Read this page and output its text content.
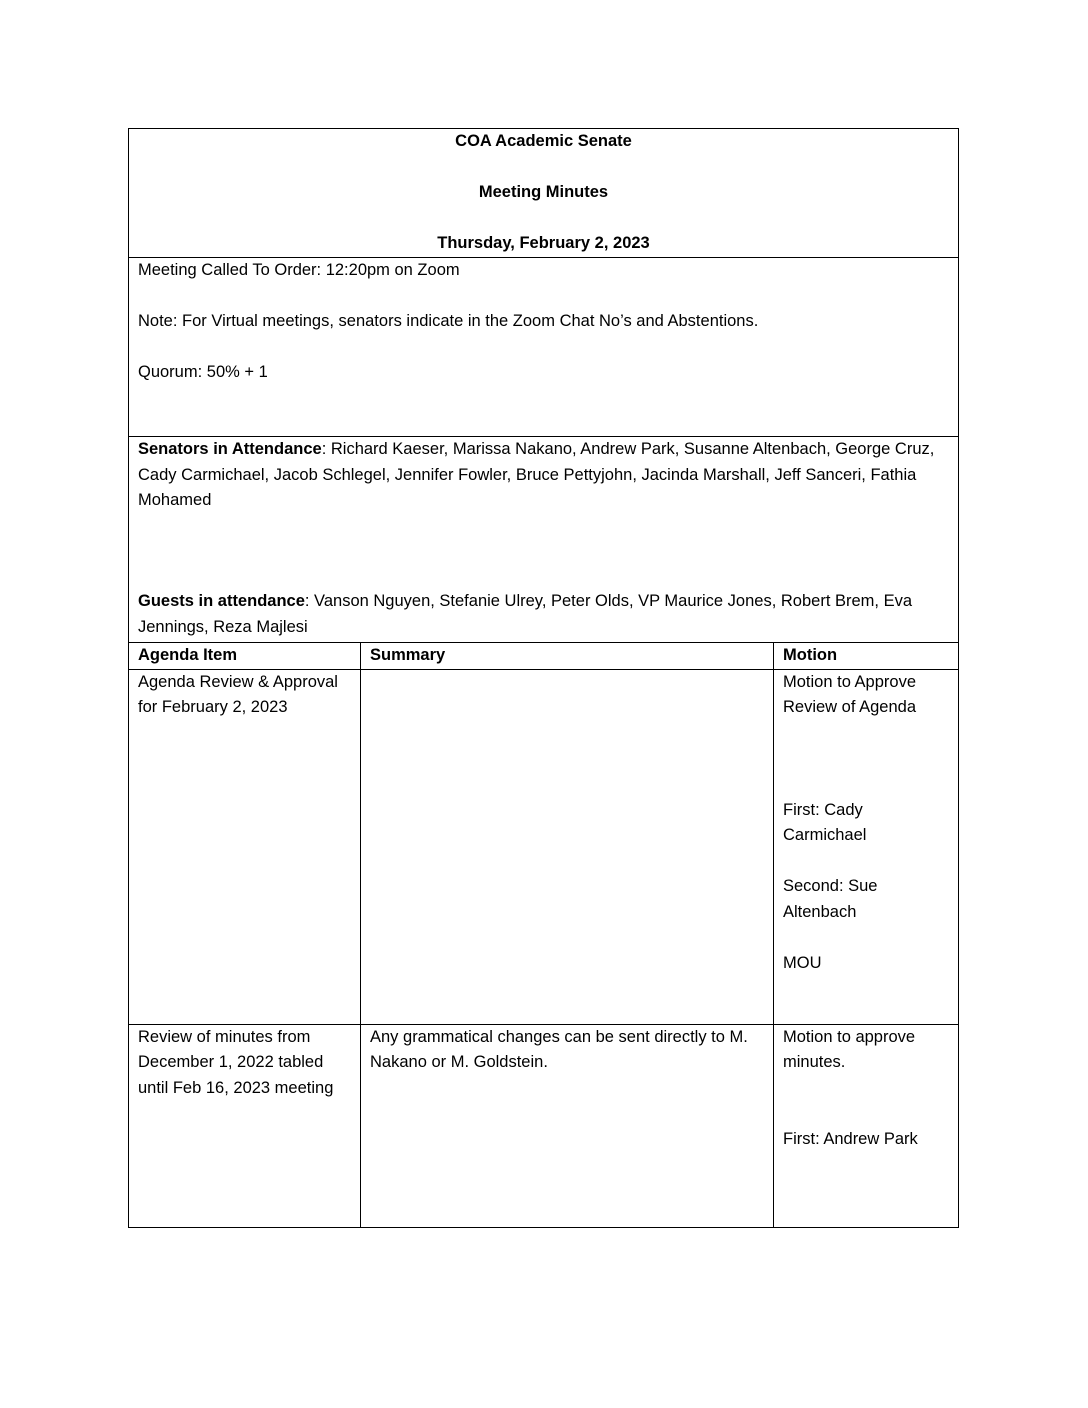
COA Academic Senate
Meeting Minutes
Thursday, February 2, 2023		

Meeting Called To Order: 12:20pm on Zoom
Note: For Virtual meetings, senators indicate in the Zoom Chat No’s and Abstentions.
Quorum: 50% + 1		

Senators in Attendance: Richard Kaeser, Marissa Nakano, Andrew Park, Susanne Altenbach, George Cruz, Cady Carmichael, Jacob Schlegel, Jennifer Fowler, Bruce Pettyjohn, Jacinda Marshall, Jeff Sanceri, Fathia Mohamed
Guests in attendance: Vanson Nguyen, Stefanie Ulrey, Peter Olds, VP Maurice Jones, Robert Brem, Eva Jennings, Reza Majlesi		

Agenda Item	Summary	Motion
Agenda Review & Approval for February 2, 2023		Motion to Approve Review of Agenda
First: Cady Carmichael
Second: Sue Altenbach
MOU

Review of minutes from December 1, 2022 tabled until Feb 16, 2023 meeting	Any grammatical changes can be sent directly to M. Nakano or M. Goldstein.	Motion to approve minutes.
First: Andrew Park
